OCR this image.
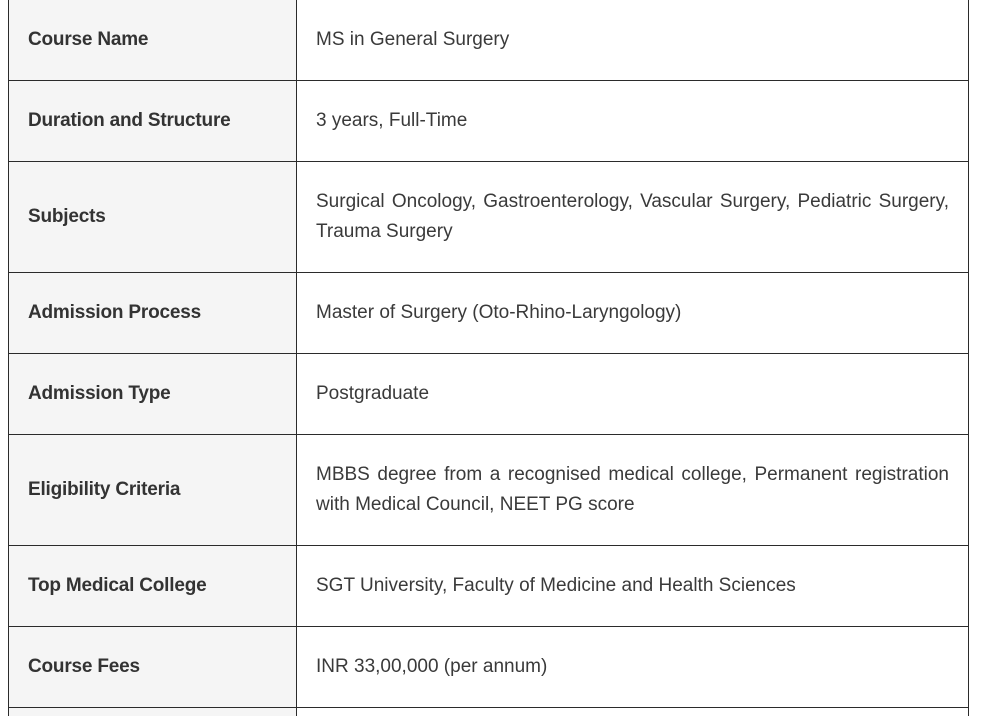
Course Name	MS in General Surgery
Duration and Structure	3 years, Full-Time
Subjects	Surgical Oncology, Gastroenterology, Vascular Surgery, Pediatric Surgery, Trauma Surgery
Admission Process	Master of Surgery (Oto-Rhino-Laryngology)
Admission Type	Postgraduate
Eligibility Criteria	MBBS degree from a recognised medical college, Permanent registration with Medical Council, NEET PG score
Top Medical College	SGT University, Faculty of Medicine and Health Sciences
Course Fees	INR 33,00,000 (per annum)
